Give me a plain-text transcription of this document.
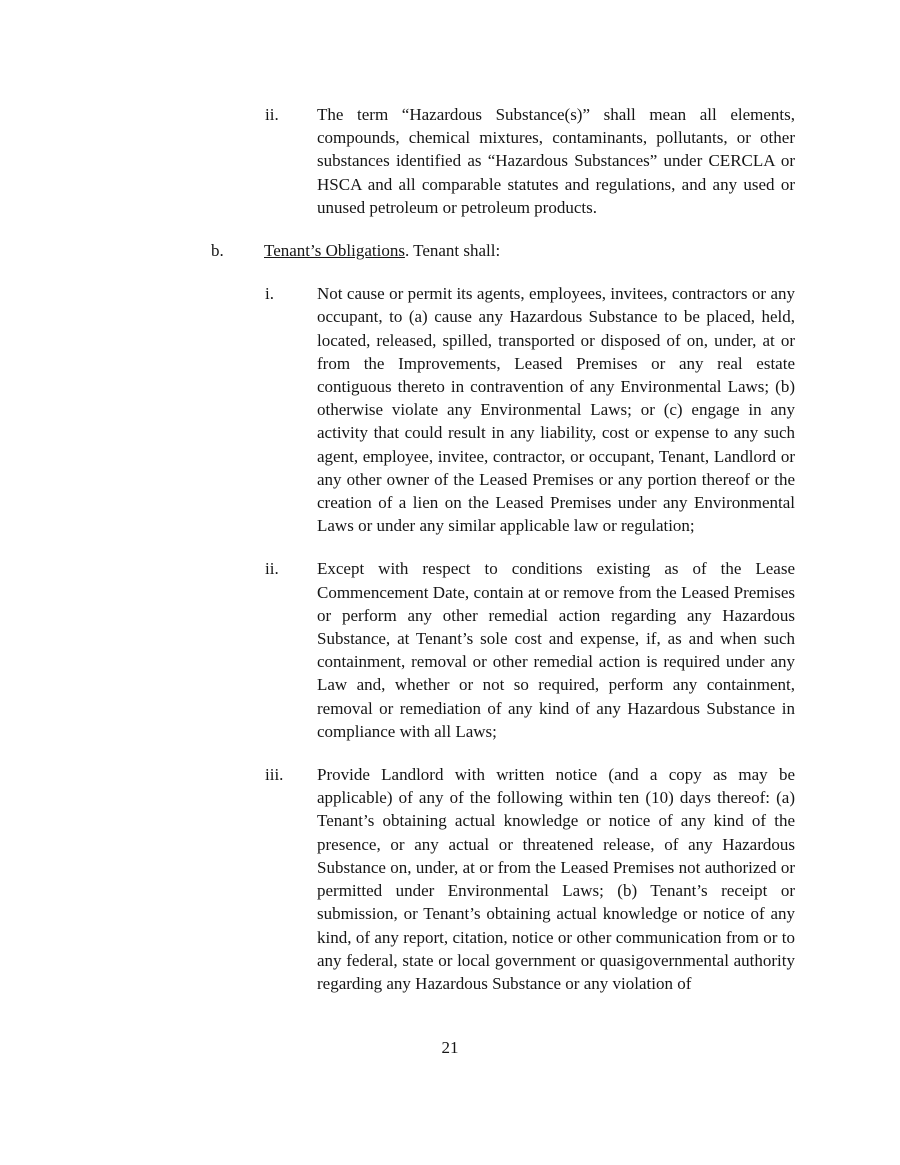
ii.	The term “Hazardous Substance(s)” shall mean all elements, compounds, chemical mixtures, contaminants, pollutants, or other substances identified as “Hazardous Substances” under CERCLA or HSCA and all comparable statutes and regulations, and any used or unused petroleum or petroleum products.
b.	Tenant’s Obligations. Tenant shall:
i.	Not cause or permit its agents, employees, invitees, contractors or any occupant, to (a) cause any Hazardous Substance to be placed, held, located, released, spilled, transported or disposed of on, under, at or from the Improvements, Leased Premises or any real estate contiguous thereto in contravention of any Environmental Laws; (b) otherwise violate any Environmental Laws; or (c) engage in any activity that could result in any liability, cost or expense to any such agent, employee, invitee, contractor, or occupant, Tenant, Landlord or any other owner of the Leased Premises or any portion thereof or the creation of a lien on the Leased Premises under any Environmental Laws or under any similar applicable law or regulation;
ii.	Except with respect to conditions existing as of the Lease Commencement Date, contain at or remove from the Leased Premises or perform any other remedial action regarding any Hazardous Substance, at Tenant’s sole cost and expense, if, as and when such containment, removal or other remedial action is required under any Law and, whether or not so required, perform any containment, removal or remediation of any kind of any Hazardous Substance in compliance with all Laws;
iii.	Provide Landlord with written notice (and a copy as may be applicable) of any of the following within ten (10) days thereof: (a) Tenant’s obtaining actual knowledge or notice of any kind of the presence, or any actual or threatened release, of any Hazardous Substance on, under, at or from the Leased Premises not authorized or permitted under Environmental Laws; (b) Tenant’s receipt or submission, or Tenant’s obtaining actual knowledge or notice of any kind, of any report, citation, notice or other communication from or to any federal, state or local government or quasigovernmental authority regarding any Hazardous Substance or any violation of
21
